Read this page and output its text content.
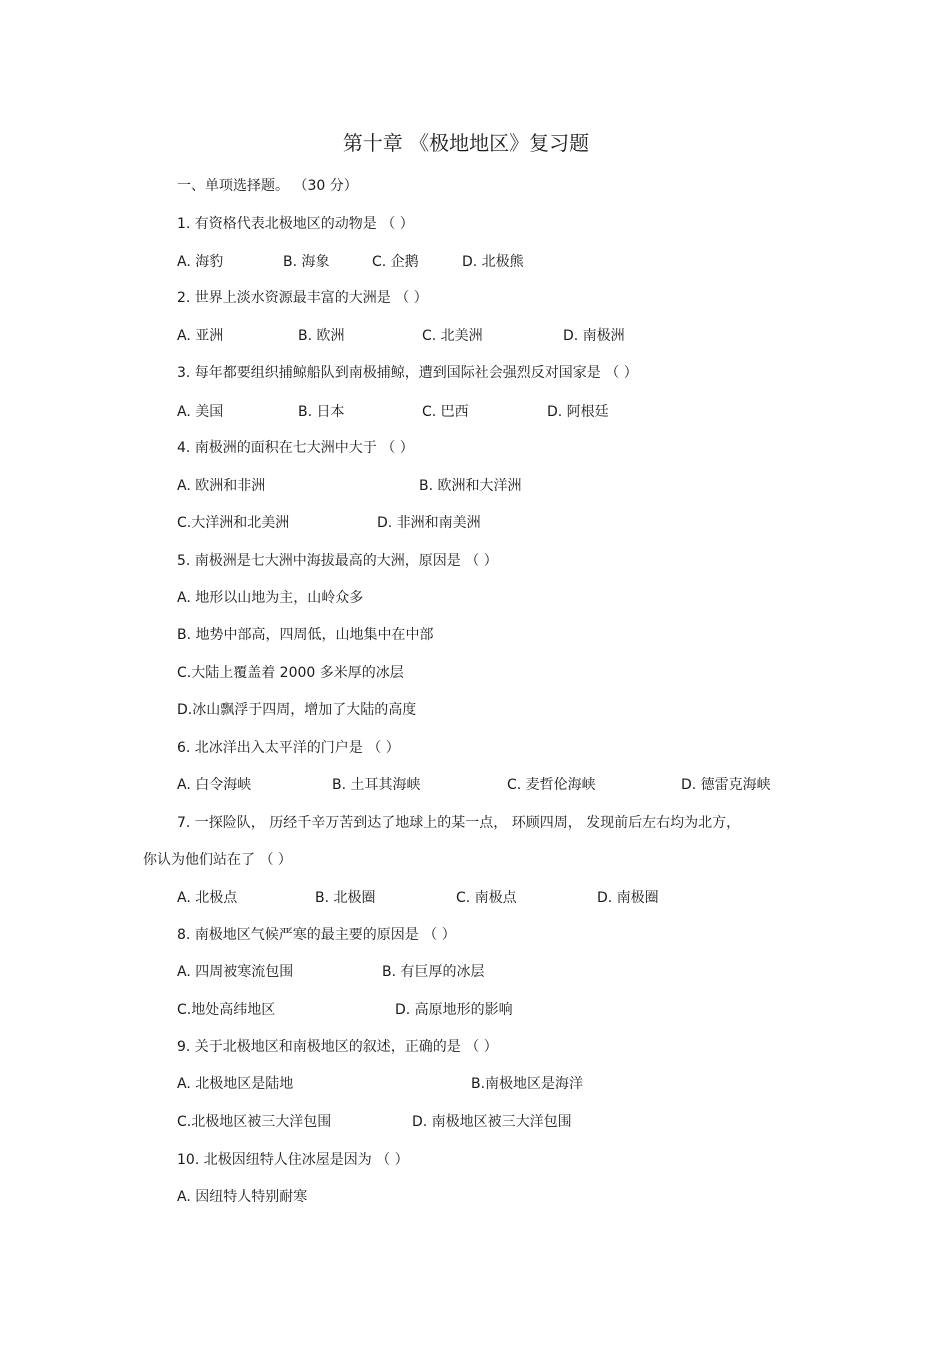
第十章 《极地地区》复习题
一、单项选择题。 （30 分）
1. 有资格代表北极地区的动物是 （ ）
A. 海豹	B. 海象	C. 企鹅	D. 北极熊
2. 世界上淡水资源最丰富的大洲是 （ ）
A. 亚洲	B. 欧洲	C. 北美洲	D. 南极洲
3. 每年都要组织捕鲸船队到南极捕鲸，遭到国际社会强烈反对国家是 （ ）
A. 美国	B. 日本	C. 巴西	D. 阿根廷
4. 南极洲的面积在七大洲中大于 （ ）
A. 欧洲和非洲	B. 欧洲和大洋洲
C.大洋洲和北美洲	D. 非洲和南美洲
5. 南极洲是七大洲中海拔最高的大洲，原因是 （ ）
A. 地形以山地为主，山岭众多
B. 地势中部高，四周低，山地集中在中部
C.大陆上覆盖着 2000 多米厚的冰层
D.冰山飘浮于四周，增加了大陆的高度
6. 北冰洋出入太平洋的门户是 （ ）
A. 白令海峡	B. 土耳其海峡	C. 麦哲伦海峡	D. 德雷克海峡
7. 一探险队， 历经千辛万苦到达了地球上的某一点， 环顾四周， 发现前后左右均为北方，
你认为他们站在了 （ ）
A. 北极点	B. 北极圈	C. 南极点	D. 南极圈
8. 南极地区气候严寒的最主要的原因是 （ ）
A. 四周被寒流包围	B. 有巨厚的冰层
C.地处高纬地区	D. 高原地形的影响
9. 关于北极地区和南极地区的叙述，正确的是 （ ）
A. 北极地区是陆地	B.南极地区是海洋
C.北极地区被三大洋包围	D. 南极地区被三大洋包围
10. 北极因纽特人住冰屋是因为 （ ）
A. 因纽特人特别耐寒
